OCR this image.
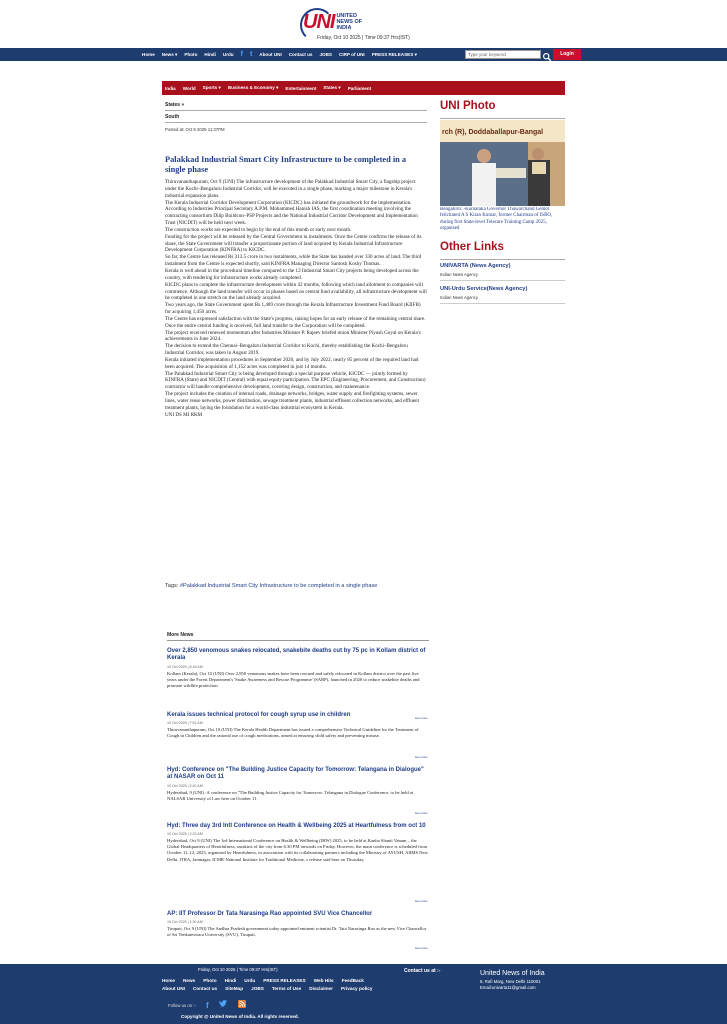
UNI UNITED NEWS OF INDIA
Friday, Oct 10 2025 | Time 09:37 Hrs(IST)
Home News ▾ Photo Hindi Urdu f t About UNI Contact us JOBS CIRP of UNI PRESS RELEASES ▾	Type your keyword	Login
India World Sports ▾ Business & Economy ▾ Entertainment States ▾ Parliament
States »
South
Posted at: Oct 9 2025 11:37PM
Palakkad Industrial Smart City Infrastructure to be completed in a single phase

Thiruvananthapuram, Oct 9 (UNI) The infrastructure development of the Palakkad Industrial Smart City, a flagship project under the Kochi–Bengaluru Industrial Corridor, will be executed in a single phase, marking a major milestone in Kerala's industrial expansion plans.

The Kerala Industrial Corridor Development Corporation (KICDC) has initiated the groundwork for the implementation.

According to Industries Principal Secretary A.P.M. Mohammed Hanish IAS, the first coordination meeting involving the contracting consortium Dilip Buildcon–PSP Projects and the National Industrial Corridor Development and Implementation Trust (NICDIT) will be held next week.

The construction works are expected to begin by the end of this month or early next month.

Funding for the project will be released by the Central Government in instalments. Once the Centre confirms the release of its share, the State Government will transfer a proportionate portion of land acquired by Kerala Industrial Infrastructure Development Corporation (KINFRA) to KICDC.

So far, the Centre has released Rs 313.5 crore in two instalments, while the State has handed over 330 acres of land. The third instalment from the Centre is expected shortly, said KINFRA Managing Director Santosh Koshy Thomas.

Kerala is well ahead in the procedural timeline compared to the 12 Industrial Smart City projects being developed across the country, with tendering for infrastructure works already completed.

KICDC plans to complete the infrastructure development within 42 months, following which land allotment to companies will commence. Although the land transfer will occur in phases based on central fund availability, all infrastructure development will be completed in one stretch on the land already acquired.

Two years ago, the State Government spent Rs 1,489 crore through the Kerala Infrastructure Investment Fund Board (KIIFB) for acquiring 1,450 acres.

The Centre has expressed satisfaction with the State's progress, raising hopes for an early release of the remaining central share. Once the entire central funding is received, full land transfer to the Corporation will be completed.

The project received renewed momentum after Industries Minister P. Rajeev briefed union Minister Piyush Goyal on Kerala's achievements in June 2024.

The decision to extend the Chennai–Bengaluru Industrial Corridor to Kochi, thereby establishing the Kochi–Bengaluru Industrial Corridor, was taken in August 2019.

Kerala initiated implementation procedures in September 2020, and by July 2022, nearly 85 percent of the required land had been acquired. The acquisition of 1,152 acres was completed in just 14 months.

The Palakkad Industrial Smart City is being developed through a special purpose vehicle, KICDC — jointly formed by KINFRA (State) and NICDIT (Central) with equal equity participation. The EPC (Engineering, Procurement, and Construction) contractor will handle comprehensive development, covering design, construction, and maintenance.

The project includes the creation of internal roads, drainage networks, bridges, water supply and firefighting systems, sewer lines, water reuse networks, power distribution, sewage treatment plants, industrial effluent collection networks, and effluent treatment plants, laying the foundation for a world-class industrial ecosystem in Kerala.

UNI DS MI RKM

Tags: #Palakkad Industrial Smart City Infrastructure to be completed in a single phase
More News
Over 2,850 venomous snakes relocated, snakebite deaths cut by 75 pc in Kollam district of Kerala
10 Oct 2025 | 8:16 AM
Kollam (Kerala), Oct 10 (UNI) Over 2,850 venomous snakes have been rescued and safely relocated in Kollam district over the past five years under the Forest Department's 'Snake Awareness and Rescue Programme' (SARP), launched in 2020 to reduce snakebite deaths and promote wildlife protection.
see more..
Kerala issues technical protocol for cough syrup use in children
10 Oct 2025 | 7:51 AM
Thiruvananthapuram, Oct 10 (UNI) The Kerala Health Department has issued a comprehensive Technical Guideline for the Treatment of Cough in Children and the rational use of cough medications, aimed at ensuring child safety and preventing misuse.
see more..
Hyd: Conference on "The Building Justice Capacity for Tomorrow: Telangana in Dialogue" at NASAR on Oct 11
10 Oct 2025 | 2:40 AM
Hyderabad, 9 (UNI) :A conference on "The Building Justice Capacity for Tomorrow: Telangana in Dialogue Conference, to be held at NALSAR University of Law here on October 11.
see more..
Hyd: Three day 3rd Intl Conference on Health & Wellbeing 2025 at Heartfulness from oct 10
10 Oct 2025 | 2:33 AM
Hyderabad, Oct 9 (UNI) The 3rd International Conference on Health & Wellbeing (IHW) 2025, to be held at Kanha Shanti Vanam – the Global Headquarters of Heartfulness, outskirts of the city from 6.30 PM onwards on Friday. However, the main conference is scheduled from October 11–12, 2025, organised by Heartfulness, in association with its collaborating partners including the Ministry of AYUSH, AIIMS New Delhi, ITRA, Jamnagar, ICMR-National Institute for Traditional Medicine, s release said here on Thursday.
see more..
AP: IIT Professor Dr Tata Narasinga Rao appointed SVU Vice Chancellor
10 Oct 2025 | 1:30 AM
Tirupati, Oct 9 (UNI) The Andhra Pradesh government today appointed eminent scientist Dr. Tata Narasinga Rao as the new Vice Chancellor of Sri Venkateswara University (SVU), Tirupati.
see more..
UNI Photo
rch (R), Doddaballapur-Bangal
Bengaluru: -Karnataka Governor Thawarchand Gehlot felicitated A S Kiran Kumar, former Chairman of ISRO, during first State-level Telecare Training Camp 2025, organised
Other Links
UNIVARTA (News Agency)
Indian News Agency
UNI-Urdu Service(News Agency)
Indian News Agency
Friday, Oct 10 2025 | Time 09:37 Hrs(IST)	Contact us at :-
Home News Photo Hindi Urdu PRESS RELEASES Web Hits FeedBack
About UNI Contact us SiteMap JOBS Terms of Use Disclaimer Privacy policy
Follow us on :- f
Copyright @ United News of India. All rights reserved.
United News of India
9, Rafi Marg, New Delhi 110001
Email:univarta11@gmail.com
